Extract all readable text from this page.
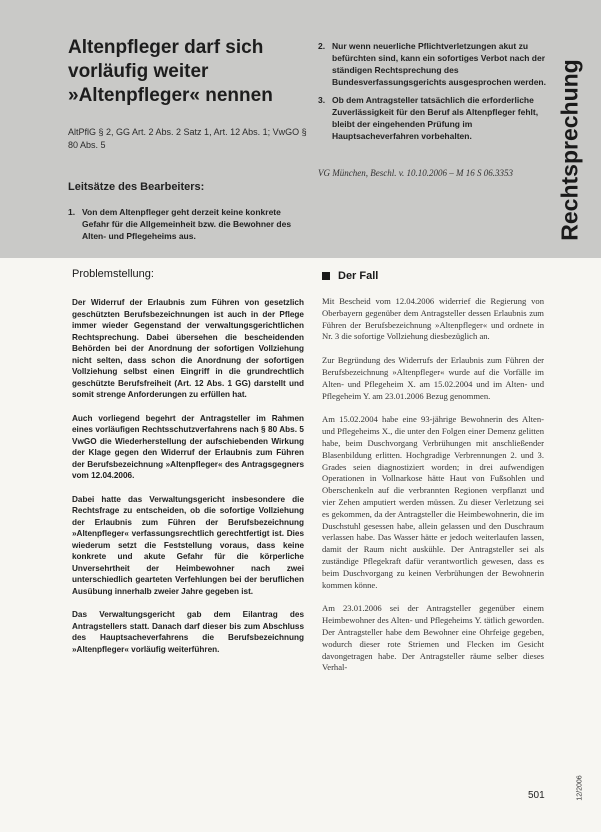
Altenpfleger darf sich vorläufig weiter »Altenpfleger« nennen
AltPflG § 2, GG Art. 2 Abs. 2 Satz 1, Art. 12 Abs. 1; VwGO § 80 Abs. 5
Leitsätze des Bearbeiters:
1. Von dem Altenpfleger geht derzeit keine konkrete Gefahr für die Allgemeinheit bzw. die Bewohner des Alten- und Pflegeheims aus.
2. Nur wenn neuerliche Pflichtverletzungen akut zu befürchten sind, kann ein sofortiges Verbot nach der ständigen Rechtsprechung des Bundesverfassungsgerichts ausgesprochen werden.
3. Ob dem Antragsteller tatsächlich die erforderliche Zuverlässigkeit für den Beruf als Altenpfleger fehlt, bleibt der eingehenden Prüfung im Hauptsacheverfahren vorbehalten.
VG München, Beschl. v. 10.10.2006 – M 16 S 06.3353	Rechtsprechung
Problemstellung:	Der Fall

Der Widerruf der Erlaubnis zum Führen von gesetzlich geschützten Berufsbezeichnungen ist auch in der Pflege immer wieder Gegenstand der verwaltungsgerichtlichen Rechtsprechung. Dabei übersehen die bescheidenden Behörden bei der Anordnung der sofortigen Vollziehung nicht selten, dass schon die Anordnung der sofortigen Vollziehung selbst einen Eingriff in die grundrechtlich geschützte Berufsfreiheit (Art. 12 Abs. 1 GG) darstellt und somit strenge Anforderungen zu erfüllen hat.

Auch vorliegend begehrt der Antragsteller im Rahmen eines vorläufigen Rechtsschutzverfahrens nach § 80 Abs. 5 VwGO die Wiederherstellung der aufschiebenden Wirkung der Klage gegen den Widerruf der Erlaubnis zum Führen der Berufsbezeichnung »Altenpfleger« des Antragsgegners vom 12.04.2006.

Dabei hatte das Verwaltungsgericht insbesondere die Rechtsfrage zu entscheiden, ob die sofortige Vollziehung der Erlaubnis zum Führen der Berufsbezeichnung »Altenpfleger« verfassungsrechtlich gerechtfertigt ist. Dies wiederum setzt die Feststellung voraus, dass keine konkrete und akute Gefahr für die körperliche Unversehrtheit der Heimbewohner nach zwei unterschiedlich gearteten Verfehlungen bei der beruflichen Ausübung innerhalb zweier Jahre gegeben ist.

Das Verwaltungsgericht gab dem Eilantrag des Antragstellers statt. Danach darf dieser bis zum Abschluss des Hauptsacheverfahrens die Berufsbezeichnung »Altenpfleger« vorläufig weiterführen.

Mit Bescheid vom 12.04.2006 widerrief die Regierung von Oberbayern gegenüber dem Antragsteller dessen Erlaubnis zum Führen der Berufsbezeichnung »Altenpfleger« und ordnete in Nr. 3 die sofortige Vollziehung diesbezüglich an.

Zur Begründung des Widerrufs der Erlaubnis zum Führen der Berufsbezeichnung »Altenpfleger« wurde auf die Vorfälle im Alten- und Pflegeheim X. am 15.02.2004 und im Alten- und Pflegeheim Y. am 23.01.2006 Bezug genommen.

Am 15.02.2004 habe eine 93-jährige Bewohnerin des Alten- und Pflegeheims X., die unter den Folgen einer Demenz gelitten habe, beim Duschvorgang Verbrühungen mit anschließender Blasenbildung erlitten. Hochgradige Verbrennungen 2. und 3. Grades seien diagnostiziert worden; in drei aufwendigen Operationen in Vollnarkose hätte Haut von Fußsohlen und Oberschenkeln auf die verbrannten Regionen verpflanzt und vier Zehen amputiert werden müssen. Zu dieser Verletzung sei es gekommen, da der Antragsteller die Heimbewohnerin, die im Duschstuhl gesessen habe, allein gelassen und den Duschraum verlassen habe. Das Wasser hätte er jedoch weiterlaufen lassen, damit der Raum nicht auskühle. Der Antragsteller sei als zuständige Pflegekraft dafür verantwortlich gewesen, dass es beim Duschvorgang zu keinen Verbrühungen der Bewohnerin kommen könne.

Am 23.01.2006 sei der Antragsteller gegenüber einem Heimbewohner des Alten- und Pflegeheims Y. tätlich geworden. Der Antragsteller habe dem Bewohner eine Ohrfeige gegeben, wodurch dieser rote Striemen und Flecken im Gesicht davongetragen habe. Der Antragsteller räume selber dieses Verhal-

501	12/2006
